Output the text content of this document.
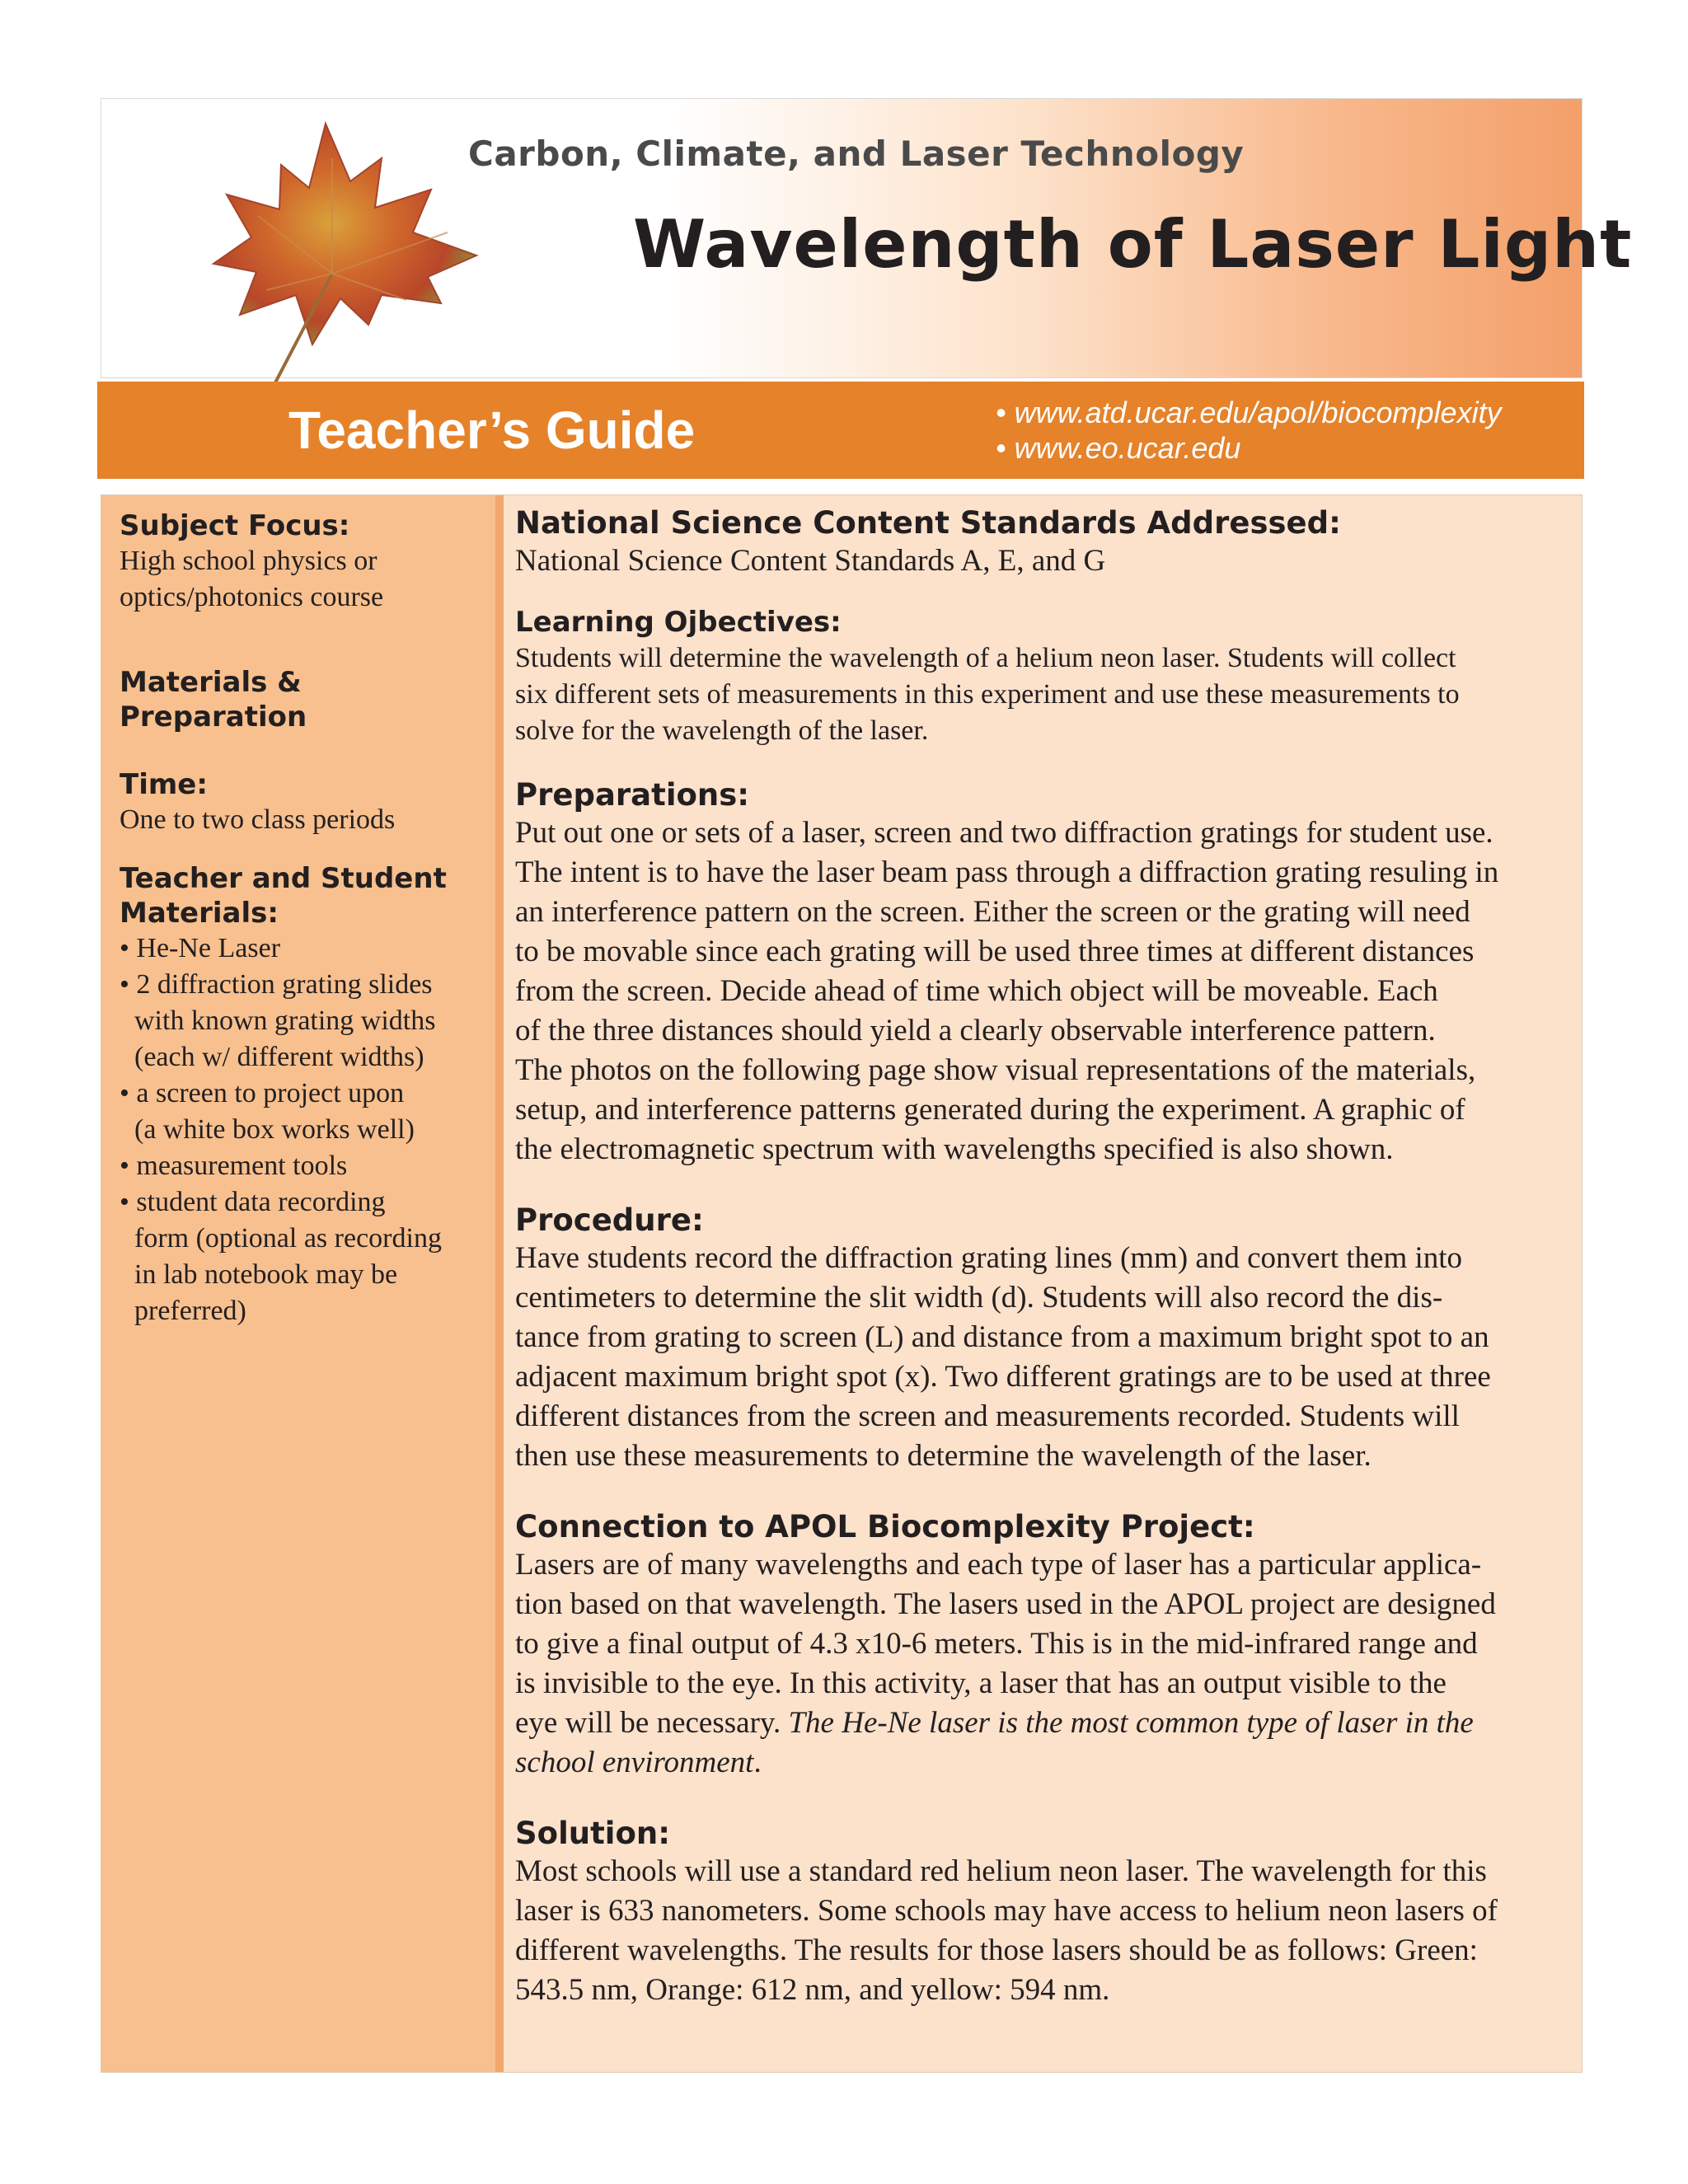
Carbon, Climate, and Laser Technology
Wavelength of Laser Light
Teacher’s Guide	• www.atd.ucar.edu/apol/biocomplexity
• www.eo.ucar.edu

Subject Focus:

High school physics or

optics/photonics course

Materials & Preparation

Time:

One to two class periods

Teacher and Student

Materials:

• He-Ne Laser
• 2 diffraction grating slides
with known grating widths
(each w/ different widths)
• a screen to project upon
(a white box works well)
• measurement tools
• student data recording
form (optional as recording
in lab notebook may be
preferred)

National Science Content Standards Addressed:

National Science Content Standards A, E, and G

Learning Ojbectives:

Students will determine the wavelength of a helium neon laser. Students will collect

six different sets of measurements in this experiment and use these measurements to

solve for the wavelength of the laser.

Preparations:

Put out one or sets of a laser, screen and two diffraction gratings for student use.

The intent is to have the laser beam pass through a diffraction grating resuling in

an interference pattern on the screen. Either the screen or the grating will need

to be movable since each grating will be used three times at different distances

from the screen. Decide ahead of time which object will be moveable. Each

of the three distances should yield a clearly observable interference pattern.

The photos on the following page show visual representations of the materials,

setup, and interference patterns generated during the experiment. A graphic of

the electromagnetic spectrum with wavelengths specified is also shown.

Procedure:

Have students record the diffraction grating lines (mm) and convert them into

centimeters to determine the slit width (d). Students will also record the dis-

tance from grating to screen (L) and distance from a maximum bright spot to an

adjacent maximum bright spot (x). Two different gratings are to be used at three

different distances from the screen and measurements recorded. Students will

then use these measurements to determine the wavelength of the laser.

Connection to APOL Biocomplexity Project:

Lasers are of many wavelengths and each type of laser has a particular applica-

tion based on that wavelength. The lasers used in the APOL project are designed

to give a final output of 4.3 x10-6 meters. This is in the mid-infrared range and

is invisible to the eye. In this activity, a laser that has an output visible to the

eye will be necessary. The He-Ne laser is the most common type of laser in the

school environment.

Solution:

Most schools will use a standard red helium neon laser. The wavelength for this

laser is 633 nanometers. Some schools may have access to helium neon lasers of

different wavelengths. The results for those lasers should be as follows: Green:

543.5 nm, Orange: 612 nm, and yellow: 594 nm.
